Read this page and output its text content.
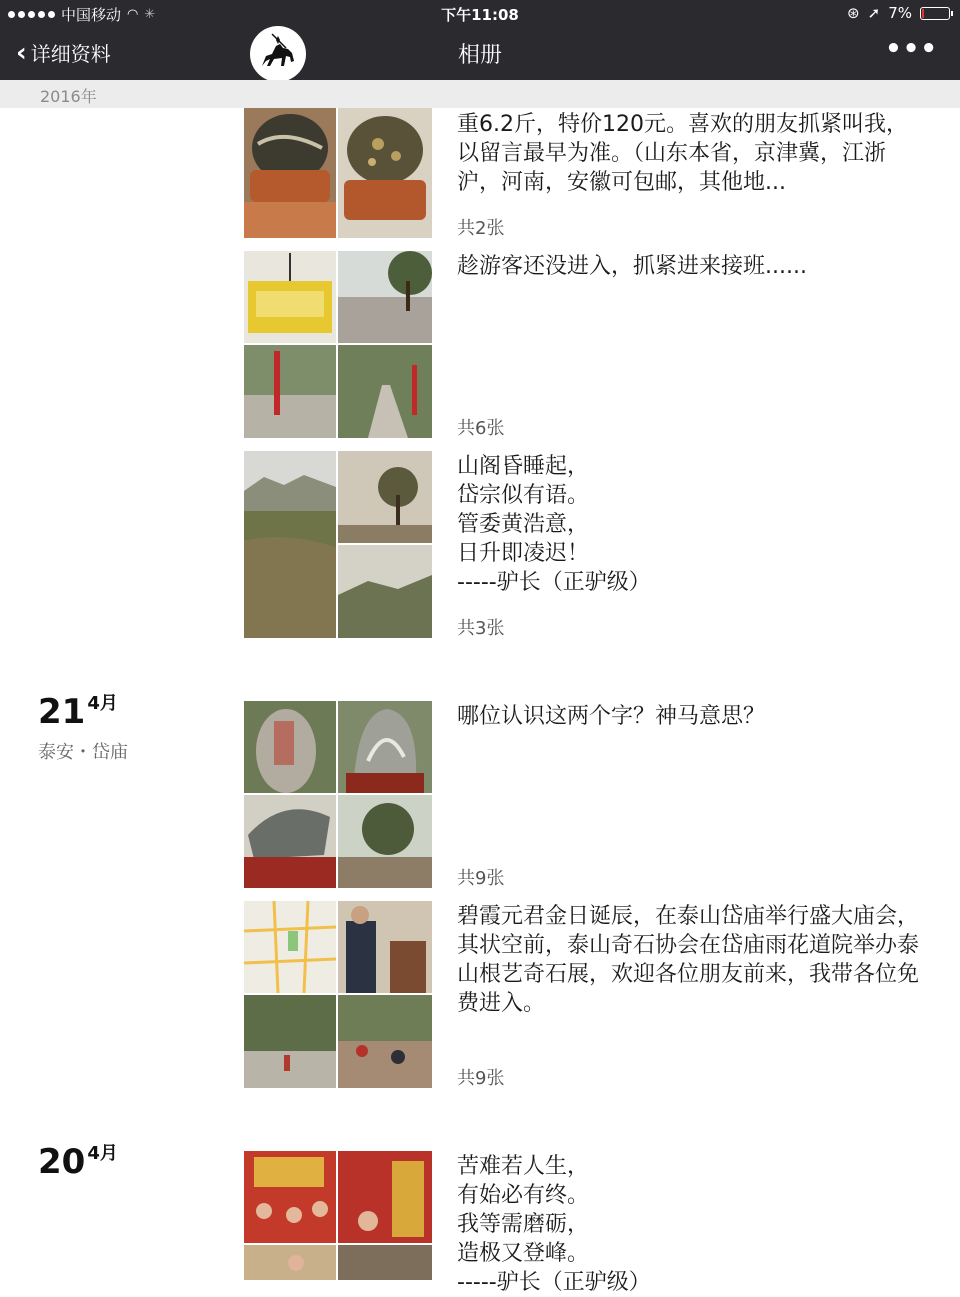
中国移动 ◠ ✳	下午11:08	⊛ ➚ 7%
‹ 详细资料	相册	•••
2016年
重6.2斤，特价120元。喜欢的朋友抓紧叫我，以留言最早为准。（山东本省，京津冀，江浙沪，河南，安徽可包邮，其他地...
共2张
趁游客还没进入，抓紧进来接班......
共6张
山阁昏睡起，
岱宗似有语。
管委黄浩意，
日升即凌迟！
-----驴长（正驴级）
共3张
21 4月
泰安・岱庙
哪位认识这两个字？神马意思？
共9张
碧霞元君金日诞辰，在泰山岱庙举行盛大庙会，其状空前，泰山奇石协会在岱庙雨花道院举办泰山根艺奇石展，欢迎各位朋友前来，我带各位免费进入。
共9张
20 4月
苦难若人生，
有始必有终。
我等需磨砺，
造极又登峰。
-----驴长（正驴级）
